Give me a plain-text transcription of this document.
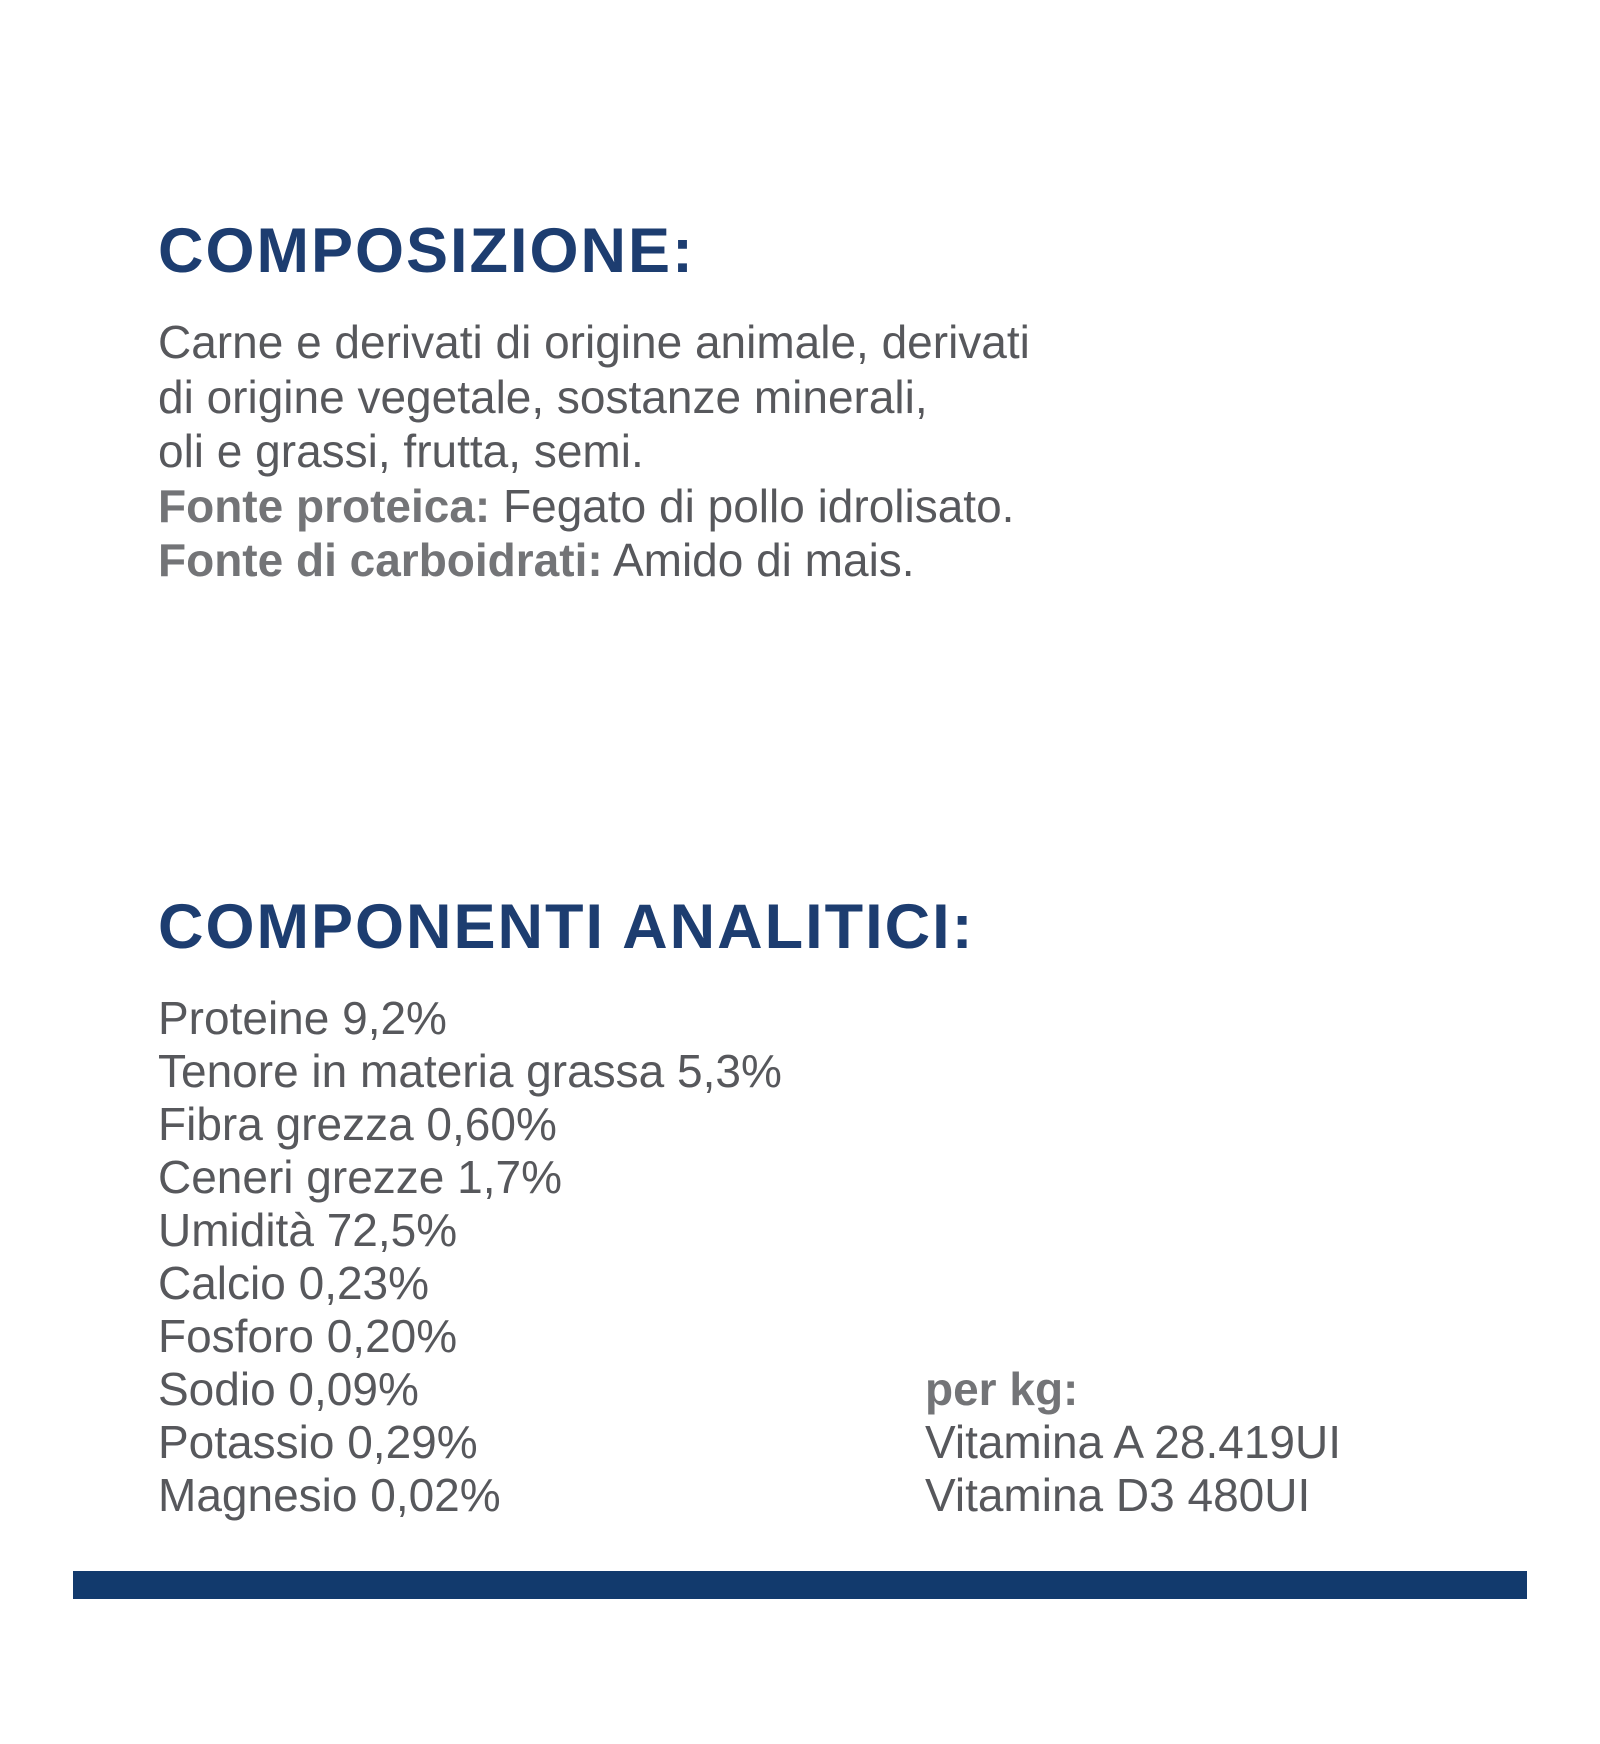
COMPOSIZIONE:
Carne e derivati di origine animale, derivati
di origine vegetale, sostanze minerali,
oli e grassi, frutta, semi.
Fonte proteica: Fegato di pollo idrolisato.
Fonte di carboidrati: Amido di mais.
COMPONENTI ANALITICI:
Proteine 9,2%
Tenore in materia grassa 5,3%
Fibra grezza 0,60%
Ceneri grezze 1,7%
Umidità 72,5%
Calcio 0,23%
Fosforo 0,20%
Sodio 0,09%
Potassio 0,29%
Magnesio 0,02%
per kg:
Vitamina A 28.419UI
Vitamina D3 480UI
